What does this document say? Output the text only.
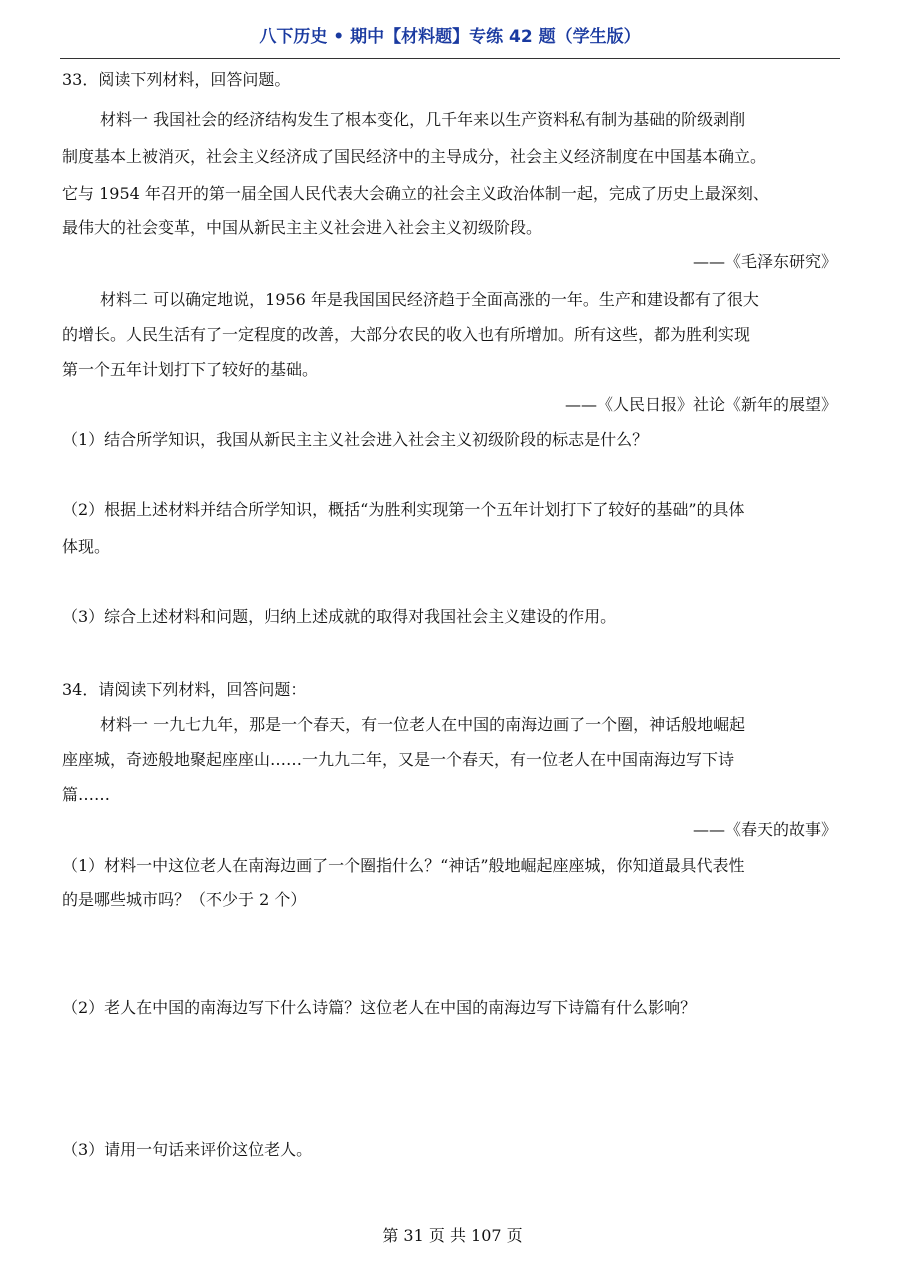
八下历史 • 期中【材料题】专练 42 题（学生版）
33．阅读下列材料，回答问题。
材料一 我国社会的经济结构发生了根本变化，几千年来以生产资料私有制为基础的阶级剥削
制度基本上被消灭，社会主义经济成了国民经济中的主导成分，社会主义经济制度在中国基本确立。
它与 1954 年召开的第一届全国人民代表大会确立的社会主义政治体制一起，完成了历史上最深刻、
最伟大的社会变革，中国从新民主主义社会进入社会主义初级阶段。
——《毛泽东研究》
材料二 可以确定地说，1956 年是我国国民经济趋于全面高涨的一年。生产和建设都有了很大
的增长。人民生活有了一定程度的改善，大部分农民的收入也有所增加。所有这些，都为胜利实现
第一个五年计划打下了较好的基础。
——《人民日报》社论《新年的展望》
（1）结合所学知识，我国从新民主主义社会进入社会主义初级阶段的标志是什么？
（2）根据上述材料并结合所学知识，概括“为胜利实现第一个五年计划打下了较好的基础”的具体
体现。
（3）综合上述材料和问题，归纳上述成就的取得对我国社会主义建设的作用。
34．请阅读下列材料，回答问题：
材料一 一九七九年，那是一个春天，有一位老人在中国的南海边画了一个圈，神话般地崛起
座座城，奇迹般地聚起座座山……一九九二年，又是一个春天，有一位老人在中国南海边写下诗
篇……
——《春天的故事》
（1）材料一中这位老人在南海边画了一个圈指什么？“神话”般地崛起座座城，你知道最具代表性
的是哪些城市吗？（不少于 2 个）
（2）老人在中国的南海边写下什么诗篇？这位老人在中国的南海边写下诗篇有什么影响？
（3）请用一句话来评价这位老人。
第 31 页 共 107 页
